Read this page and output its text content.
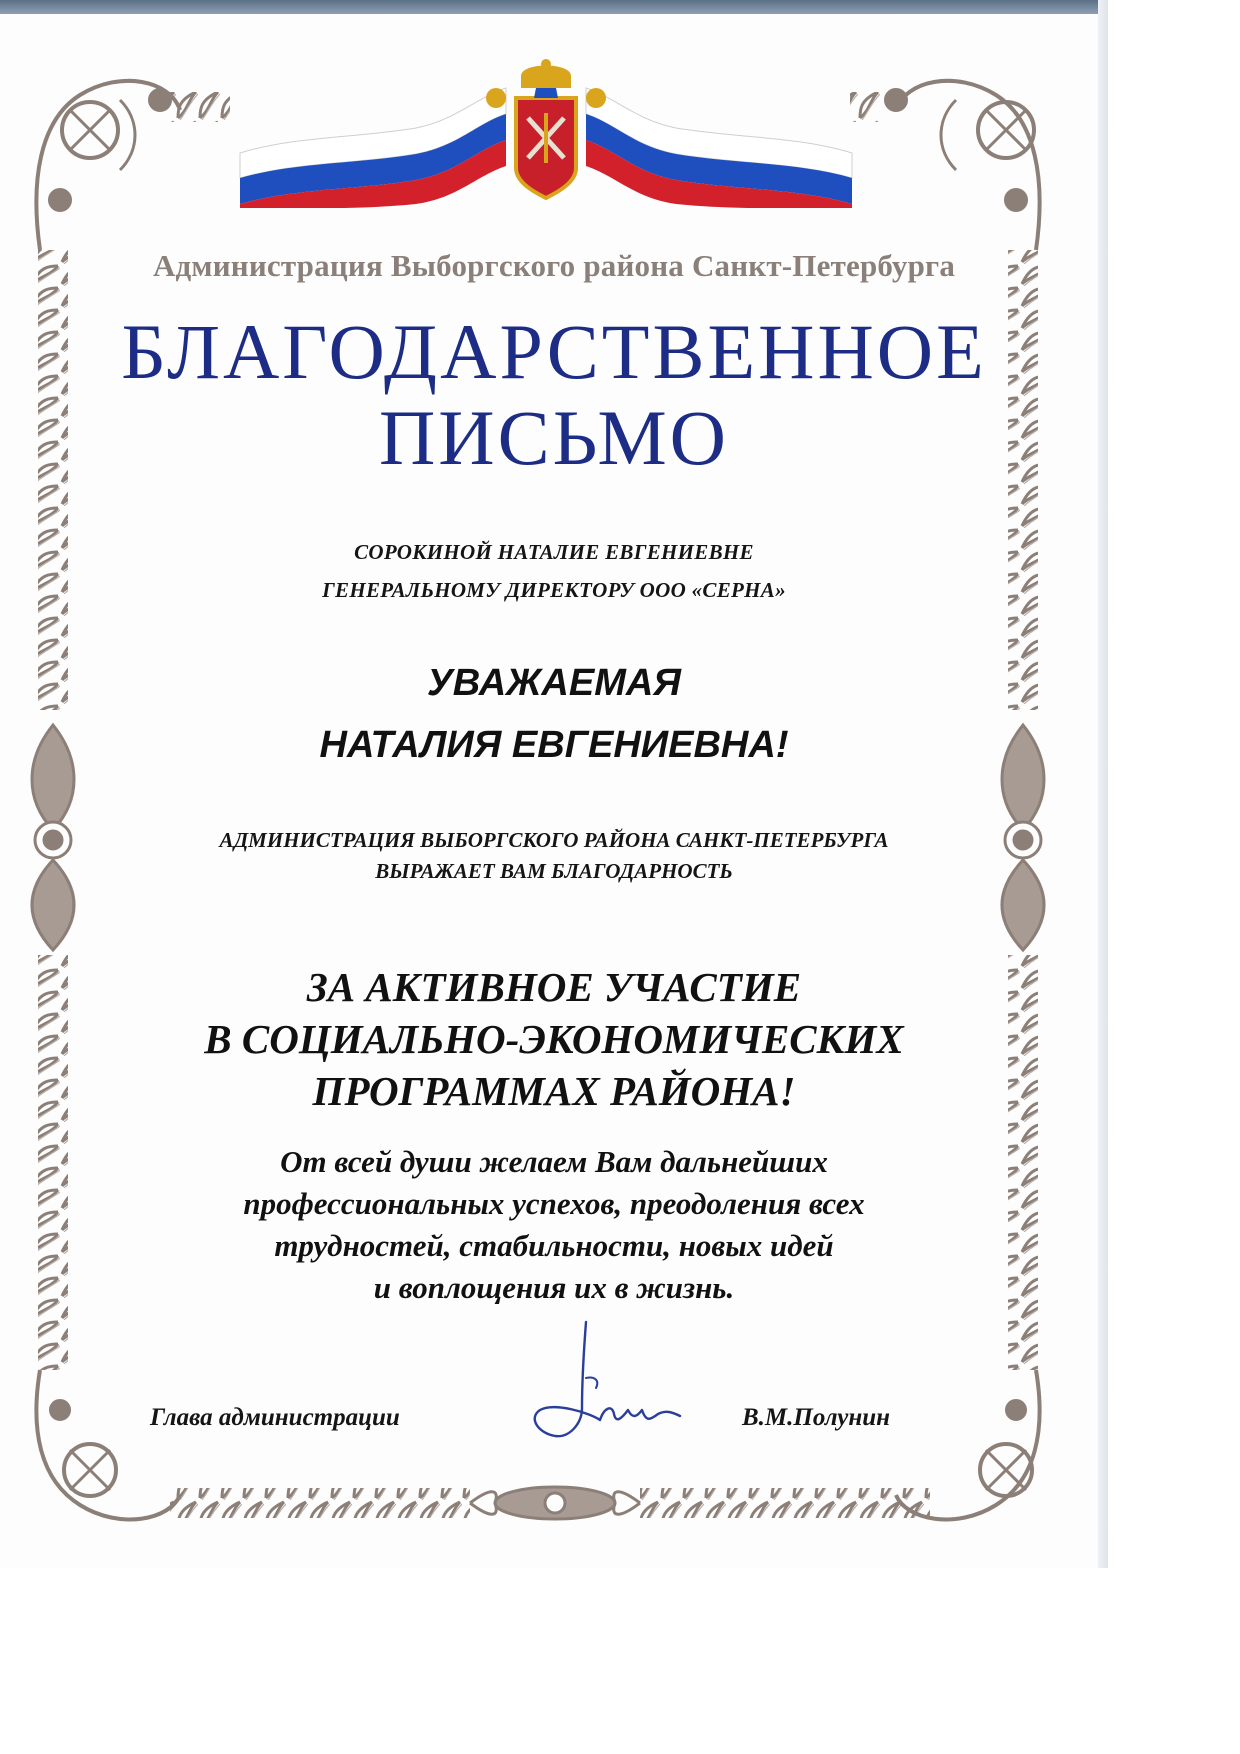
Администрация Выборгского района Санкт-Петербурга
БЛАГОДАРСТВЕННОЕ
ПИСЬМО
СОРОКИНОЙ НАТАЛИЕ ЕВГЕНИЕВНЕ
ГЕНЕРАЛЬНОМУ ДИРЕКТОРУ ООО «СЕРНА»
УВАЖАЕМАЯ
НАТАЛИЯ ЕВГЕНИЕВНА!
АДМИНИСТРАЦИЯ ВЫБОРГСКОГО РАЙОНА САНКТ-ПЕТЕРБУРГА
ВЫРАЖАЕТ ВАМ БЛАГОДАРНОСТЬ
ЗА АКТИВНОЕ УЧАСТИЕ
В СОЦИАЛЬНО-ЭКОНОМИЧЕСКИХ
ПРОГРАММАХ РАЙОНА!
От всей души желаем Вам дальнейших
профессиональных успехов, преодоления всех
трудностей, стабильности, новых идей
и воплощения их в жизнь.
Глава администрации	В.М.Полунин
